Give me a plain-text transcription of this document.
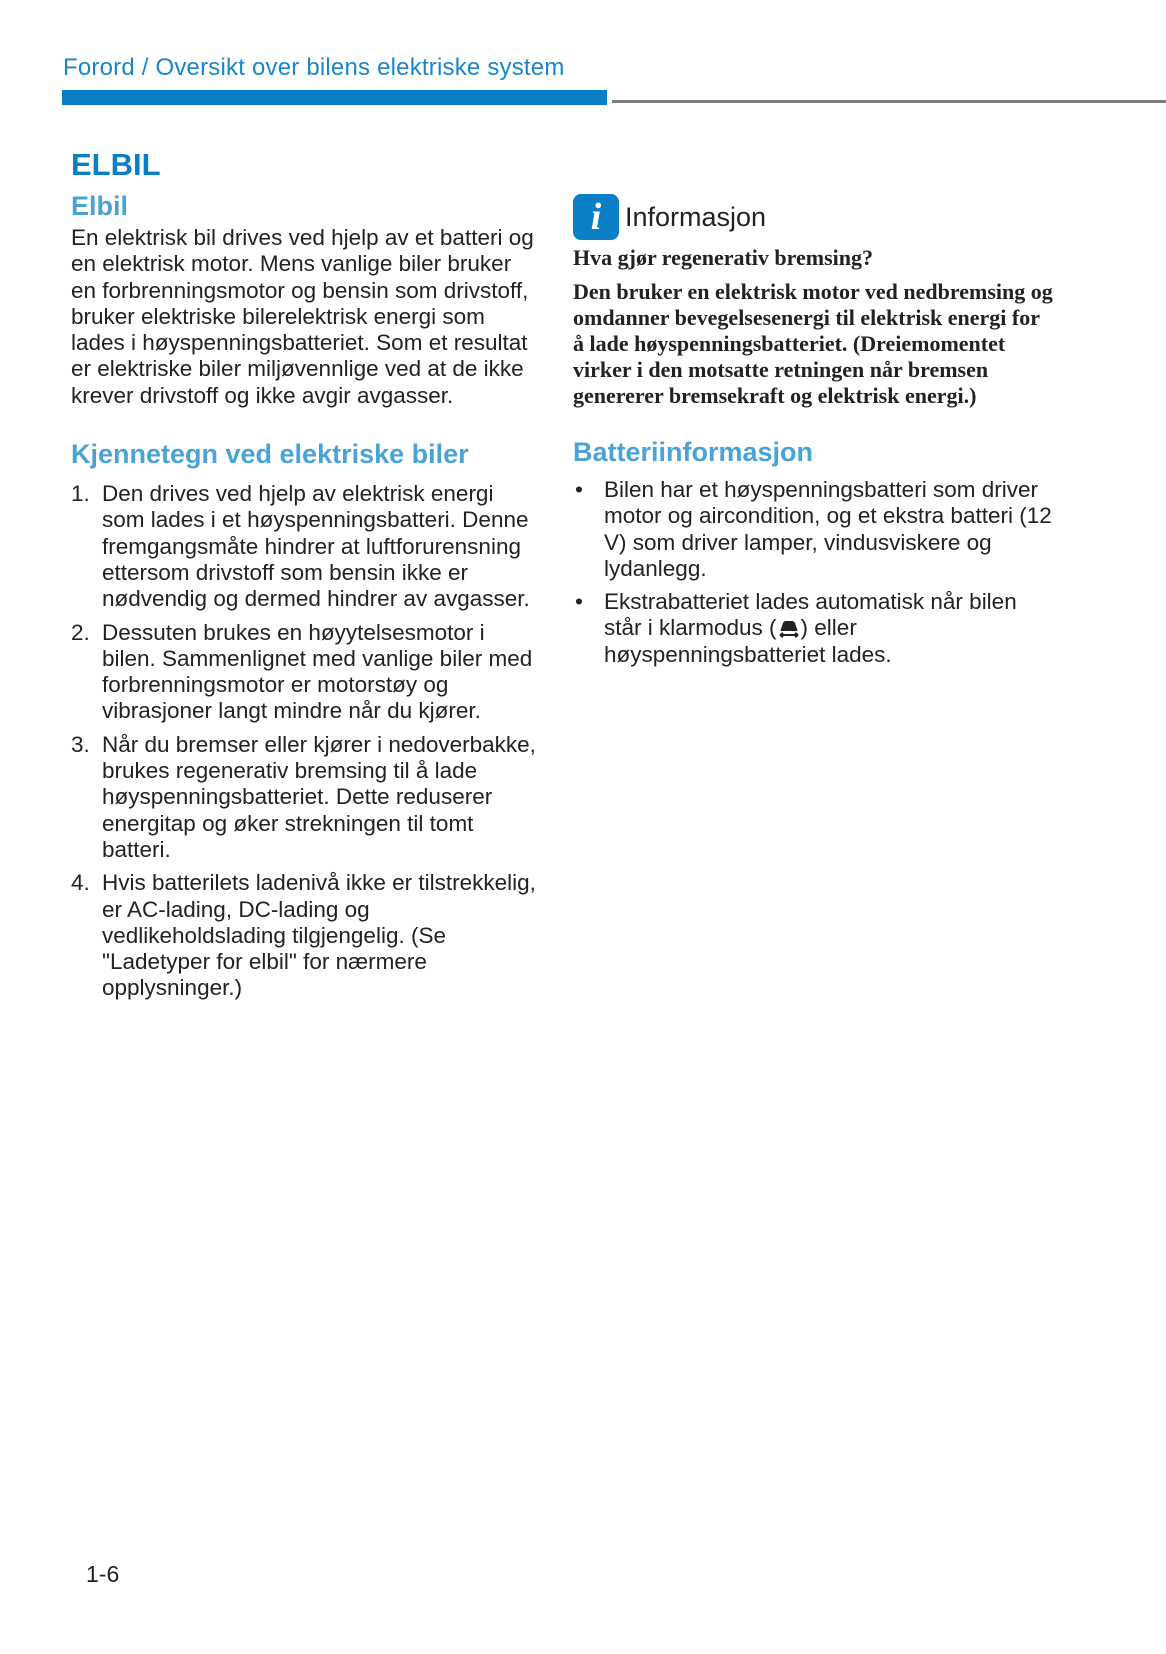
Forord / Oversikt over bilens elektriske system
ELBIL
Elbil

En elektrisk bil drives ved hjelp av et batteri og en elektrisk motor. Mens vanlige biler bruker en forbrenningsmotor og bensin som drivstoff, bruker elektriske bilerelektrisk energi som lades i høyspenningsbatteriet. Som et resultat er elektriske biler miljøvennlige ved at de ikke krever drivstoff og ikke avgir avgasser.

Kjennetegn ved elektriske biler
1. Den drives ved hjelp av elektrisk energi som lades i et høyspenningsbatteri. Denne fremgangsmåte hindrer at luftforurensning ettersom drivstoff som bensin ikke er nødvendig og dermed hindrer av avgasser.
2. Dessuten brukes en høyytelsesmotor i bilen. Sammenlignet med vanlige biler med forbrenningsmotor er motorstøy og vibrasjoner langt mindre når du kjører.
3. Når du bremser eller kjører i nedoverbakke, brukes regenerativ bremsing til å lade høyspenningsbatteriet. Dette reduserer energitap og øker strekningen til tomt batteri.
4. Hvis batterilets ladenivå ikke er tilstrekkelig, er AC-lading, DC-lading og vedlikeholdslading tilgjengelig. (Se "Ladetyper for elbil" for nærmere opplysninger.)
i Informasjon

Hva gjør regenerativ bremsing?

Den bruker en elektrisk motor ved nedbremsing og omdanner bevegelsesenergi til elektrisk energi for å lade høyspenningsbatteriet. (Dreiemomentet virker i den motsatte retningen når bremsen genererer bremsekraft og elektrisk energi.)

Batteriinformasjon
• Bilen har et høyspenningsbatteri som driver motor og aircondition, og et ekstra batteri (12 V) som driver lamper, vindusviskere og lydanlegg.
• Ekstrabatteriet lades automatisk når bilen står i klarmodus ( ) eller høyspenningsbatteriet lades.
1-6
